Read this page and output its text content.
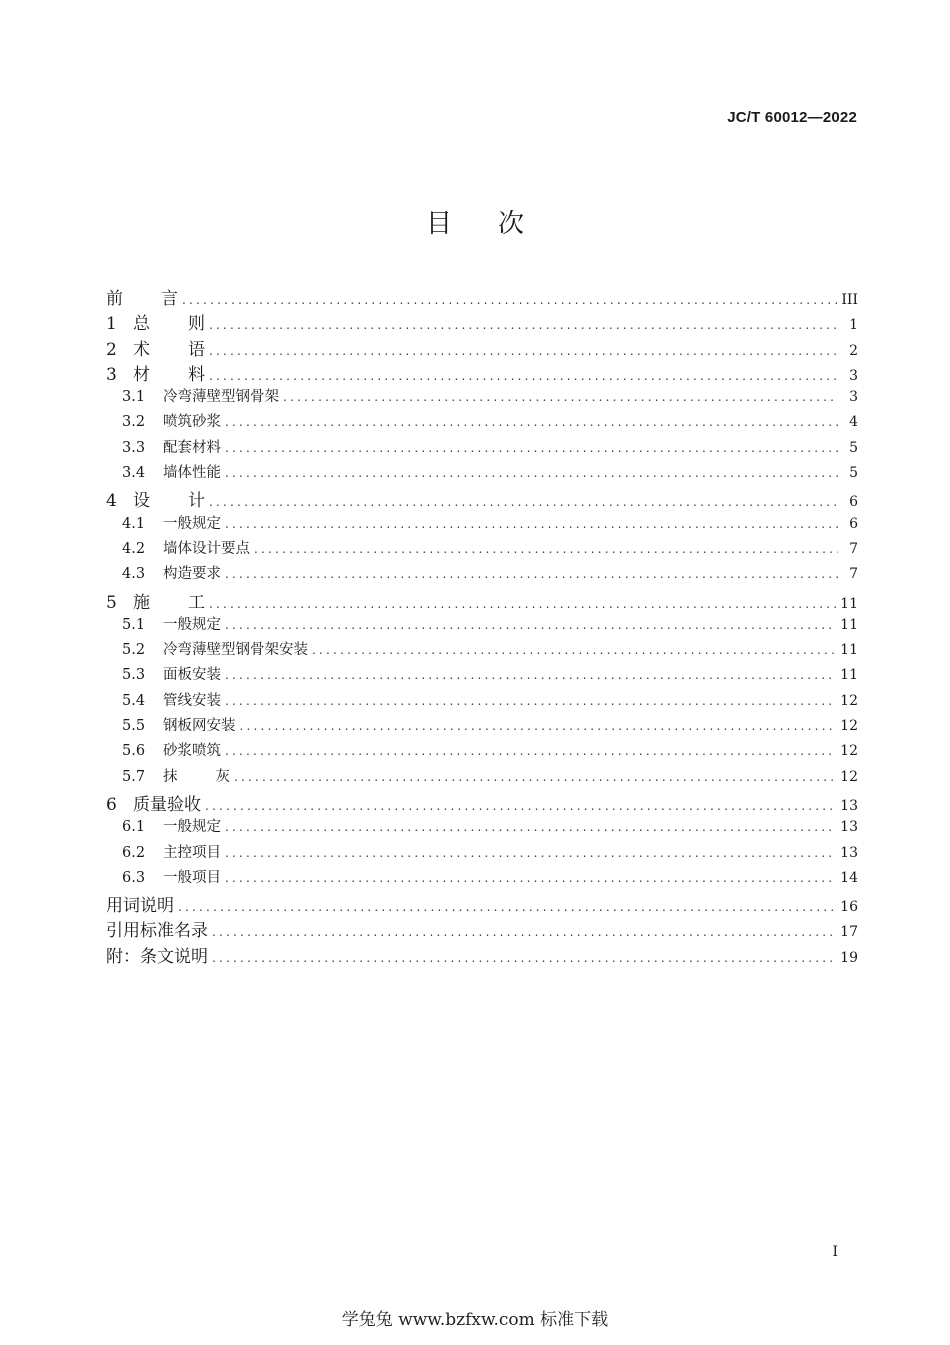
JC/T 60012—2022
目次
前 言 .....	III
1 总 则 .....	1
2 术 语 .....	2
3 材 料 .....	3
3.1	冷弯薄壁型钢骨架 .....	3
3.2	喷筑砂浆 .....	4
3.3	配套材料 .....	5
3.4	墙体性能 .....	5
4 设 计 .....	6
4.1	一般规定 .....	6
4.2	墙体设计要点 .....	7
4.3	构造要求 .....	7
5 施 工 .....	11
5.1	一般规定 .....	11
5.2	冷弯薄壁型钢骨架安装 .....	11
5.3	面板安装 .....	11
5.4	管线安装 .....	12
5.5	钢板网安装 .....	12
5.6	砂浆喷筑 .....	12
5.7	抹 灰 .....	12
6 质量验收 .....	13
6.1	一般规定 .....	13
6.2	主控项目 .....	13
6.3	一般项目 .....	14
用词说明 .....	16
引用标准名录 .....	17
附：条文说明 .....	19
I
学兔兔 www.bzfxw.com 标准下载
